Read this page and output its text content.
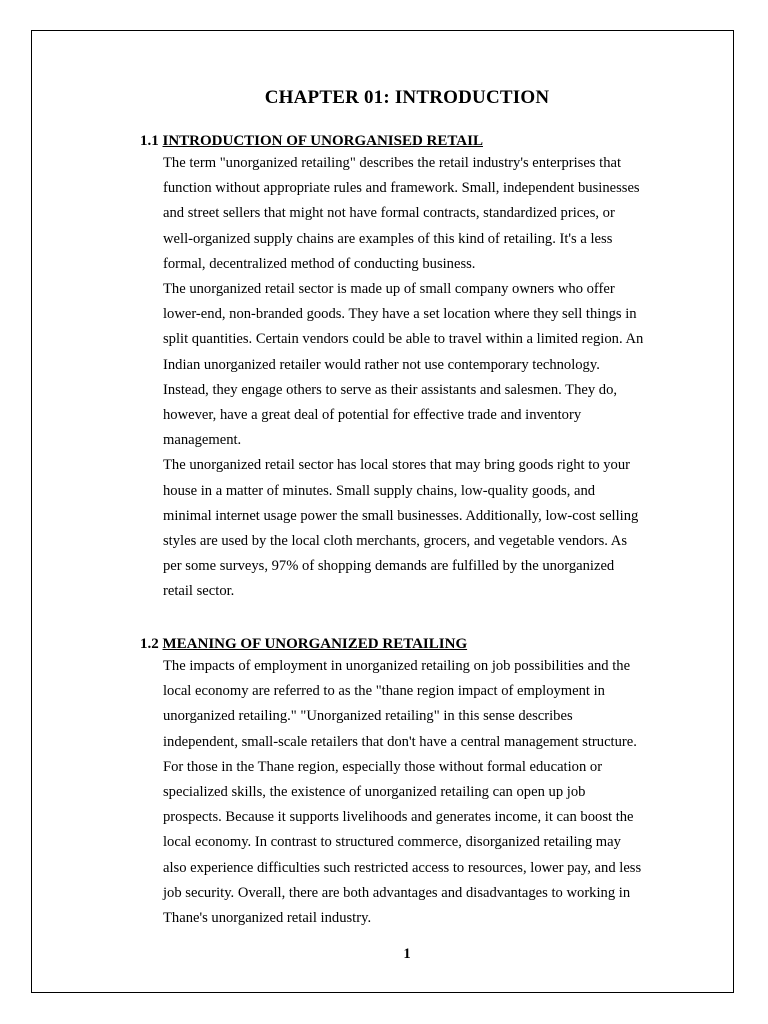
CHAPTER 01: INTRODUCTION
1.1 INTRODUCTION OF UNORGANISED RETAIL

The term "unorganized retailing" describes the retail industry's enterprises that
function without appropriate rules and framework. Small, independent businesses
and street sellers that might not have formal contracts, standardized prices, or
well-organized supply chains are examples of this kind of retailing. It's a less
formal, decentralized method of conducting business.
The unorganized retail sector is made up of small company owners who offer
lower-end, non-branded goods. They have a set location where they sell things in
split quantities. Certain vendors could be able to travel within a limited region. An
Indian unorganized retailer would rather not use contemporary technology.
Instead, they engage others to serve as their assistants and salesmen. They do,
however, have a great deal of potential for effective trade and inventory
management.
The unorganized retail sector has local stores that may bring goods right to your
house in a matter of minutes. Small supply chains, low-quality goods, and
minimal internet usage power the small businesses. Additionally, low-cost selling
styles are used by the local cloth merchants, grocers, and vegetable vendors. As
per some surveys, 97% of shopping demands are fulfilled by the unorganized
retail sector.

1.2 MEANING OF UNORGANIZED RETAILING

The impacts of employment in unorganized retailing on job possibilities and the
local economy are referred to as the "thane region impact of employment in
unorganized retailing." "Unorganized retailing" in this sense describes
independent, small-scale retailers that don't have a central management structure.
For those in the Thane region, especially those without formal education or
specialized skills, the existence of unorganized retailing can open up job
prospects. Because it supports livelihoods and generates income, it can boost the
local economy. In contrast to structured commerce, disorganized retailing may
also experience difficulties such restricted access to resources, lower pay, and less
job security. Overall, there are both advantages and disadvantages to working in
Thane's unorganized retail industry.

1
